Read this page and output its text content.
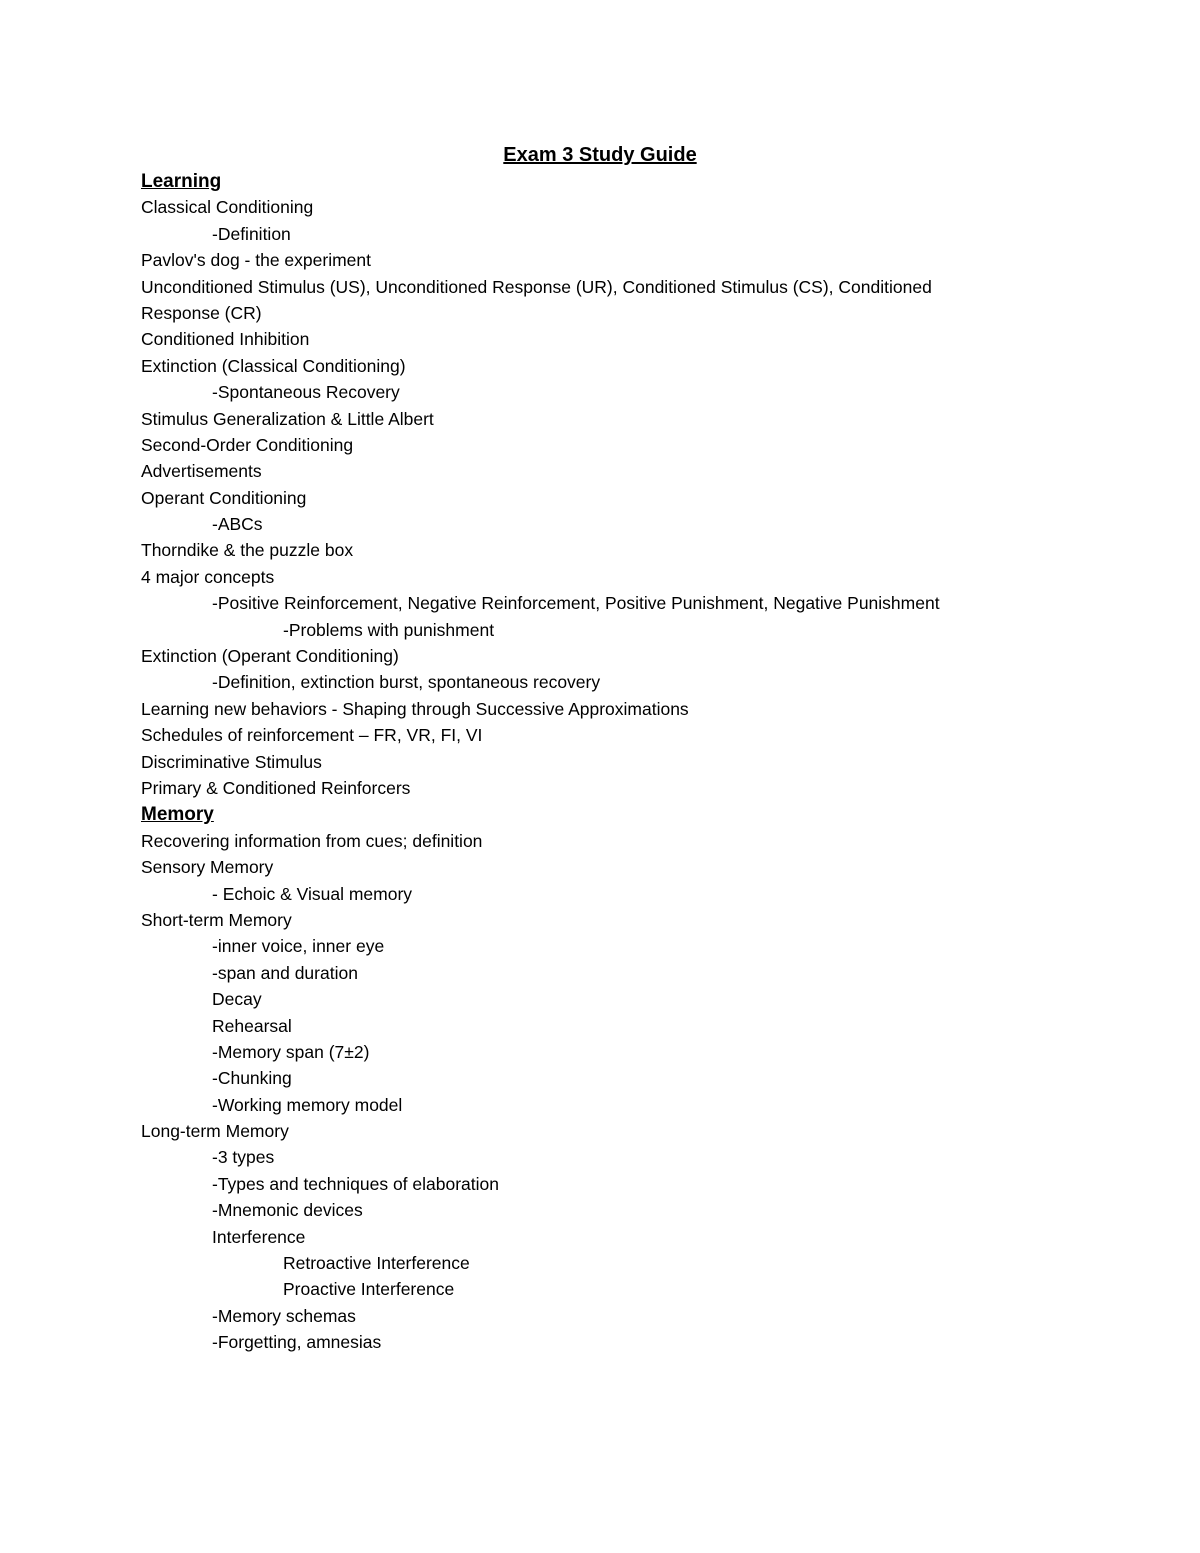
Exam 3 Study Guide

Learning

Classical Conditioning

-Definition

Pavlov's dog - the experiment

Unconditioned Stimulus (US), Unconditioned Response (UR), Conditioned Stimulus (CS), Conditioned

Response (CR)

Conditioned Inhibition

Extinction (Classical Conditioning)

-Spontaneous Recovery

Stimulus Generalization & Little Albert

Second-Order Conditioning

Advertisements

Operant Conditioning

-ABCs

Thorndike & the puzzle box

4 major concepts

-Positive Reinforcement, Negative Reinforcement, Positive Punishment, Negative Punishment

-Problems with punishment

Extinction (Operant Conditioning)

-Definition, extinction burst, spontaneous recovery

Learning new behaviors - Shaping through Successive Approximations

Schedules of reinforcement – FR, VR, FI, VI

Discriminative Stimulus

Primary & Conditioned Reinforcers

Memory

Recovering information from cues; definition

Sensory Memory

- Echoic & Visual memory

Short-term Memory

-inner voice, inner eye

-span and duration

Decay

Rehearsal

-Memory span (7±2)

-Chunking

-Working memory model

Long-term Memory

-3 types

-Types and techniques of elaboration

-Mnemonic devices

Interference

Retroactive Interference

Proactive Interference

-Memory schemas

-Forgetting, amnesias
